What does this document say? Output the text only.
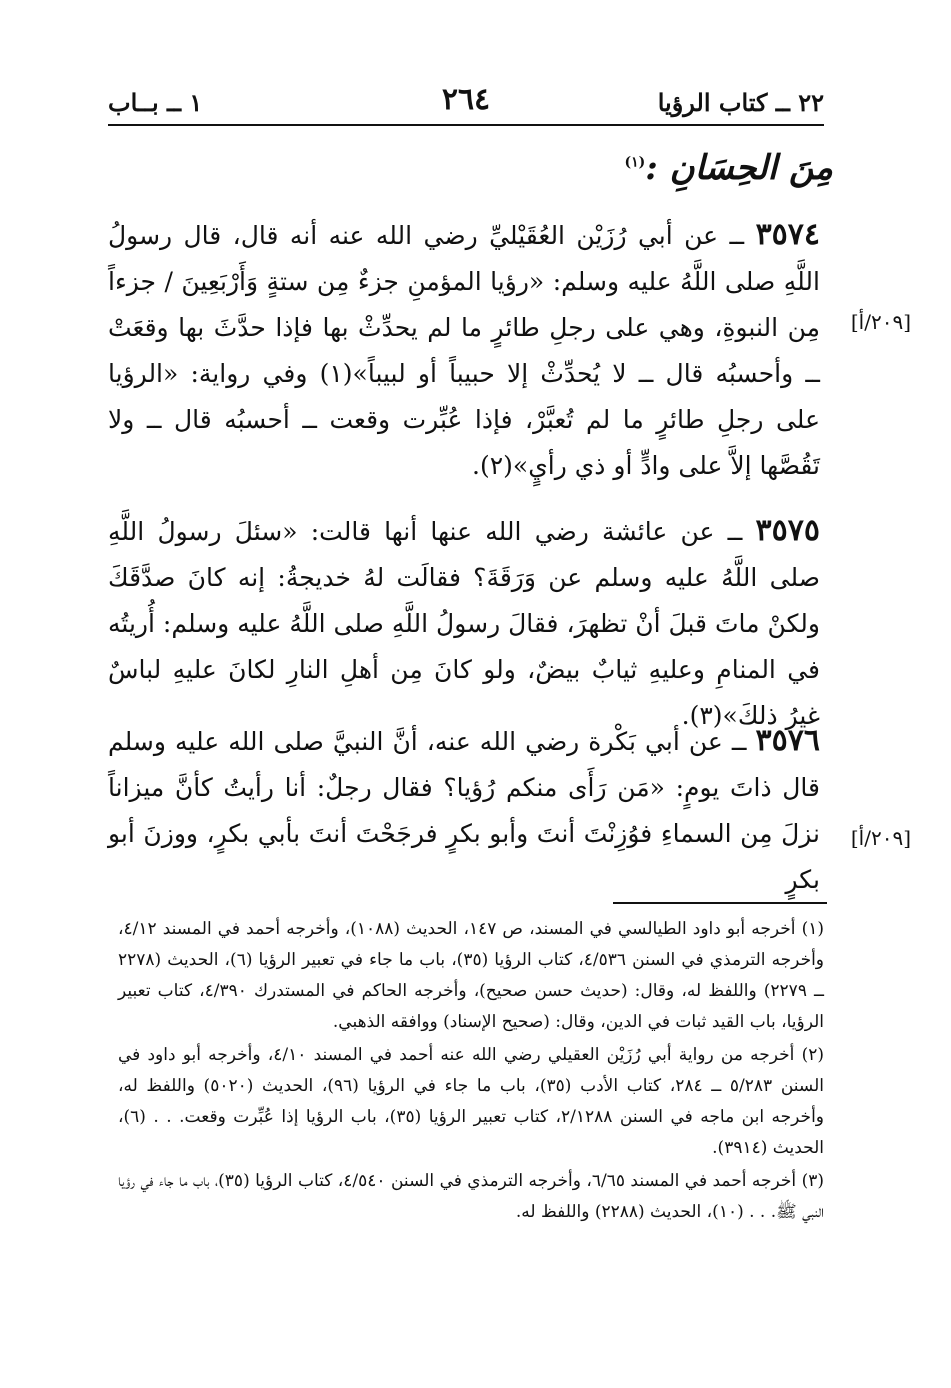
٢٢ ــ كتاب الرؤيا
٢٦٤
١ ــ بــاب
مِنَ الحِسَانِ :$^{(١)}$
٣٥٧٤ ــ عن أبي رُزَيْن العُقَيْليِّ رضي الله عنه أنه قال، قال رسولُ اللَّهِ صلى اللَّهُ عليه وسلم: «رؤيا المؤمنِ جزءٌ مِن ستةٍ وَأَرْبَعِينَ / جزءاً مِن النبوةِ، وهي على رجلِ طائرٍ ما لم يحدِّثْ بها فإذا حدَّثَ بها وقعَتْ ــ وأحسبُه قال ــ لا يُحدِّثْ إلا حبيباً أو لبيباً»(١) وفي رواية: «الرؤيا على رجلِ طائرٍ ما لم تُعبَّرْ، فإذا عُبِّرت وقعت ــ أحسبُه قال ــ ولا تَقُصَّها إلاَّ على وادٍّ أو ذي رأيٍ»(٢).
٣٥٧٥ ــ عن عائشة رضي الله عنها أنها قالت: «سئلَ رسولُ اللَّهِ صلى اللَّهُ عليه وسلم عن وَرَقَةَ؟ فقالَت لهُ خديجةُ: إنه كانَ صدَّقَكَ ولكنْ ماتَ قبلَ أنْ تظهرَ، فقالَ رسولُ اللَّهِ صلى اللَّهُ عليه وسلم: أُريتُه في المنامِ وعليهِ ثيابٌ بيضٌ، ولو كانَ مِن أهلِ النارِ لكانَ عليهِ لباسٌ غيرُ ذلكَ»(٣).
٣٥٧٦ ــ عن أبي بَكْرة رضي الله عنه، أنَّ النبيَّ صلى الله عليه وسلم قال ذاتَ يومٍ: «مَن رَأَى منكم رُؤيا؟ فقال رجلٌ: أنا رأيتُ كأنَّ ميزاناً نزلَ مِن السماءِ فوُزِنْتَ أنتَ وأبو بكرٍ فرجَحْتَ أنتَ بأبي بكرٍ، ووزنَ أبو بكرٍ
[٢٠٩/أ]
[٢٠٩/أ]

(١) أخرجه أبو داود الطيالسي في المسند، ص ١٤٧، الحديث (١٠٨٨)، وأخرجه أحمد في المسند ٤/١٢، وأخرجه الترمذي في السنن ٤/٥٣٦، كتاب الرؤيا (٣٥)، باب ما جاء في تعبير الرؤيا (٦)، الحديث (٢٢٧٨ ــ ٢٢٧٩) واللفظ له، وقال: (حديث حسن صحيح)، وأخرجه الحاكم في المستدرك ٤/٣٩٠، كتاب تعبير الرؤيا، باب القيد ثبات في الدين، وقال: (صحيح الإسناد) ووافقه الذهبي.

(٢) أخرجه من رواية أبي رُزَيْن العقيلي رضي الله عنه أحمد في المسند ٤/١٠، وأخرجه أبو داود في السنن ٥/٢٨٣ ــ ٢٨٤، كتاب الأدب (٣٥)، باب ما جاء في الرؤيا (٩٦)، الحديث (٥٠٢٠) واللفظ له، وأخرجه ابن ماجه في السنن ٢/١٢٨٨، كتاب تعبير الرؤيا (٣٥)، باب الرؤيا إذا عُبِّرت وقعت. . . (٦)، الحديث (٣٩١٤).

(٣) أخرجه أحمد في المسند ٦/٦٥، وأخرجه الترمذي في السنن ٤/٥٤٠، كتاب الرؤيا (٣٥)، باب ما جاء في رؤيا النبي ﷺ. . . (١٠)، الحديث (٢٢٨٨) واللفظ له.
